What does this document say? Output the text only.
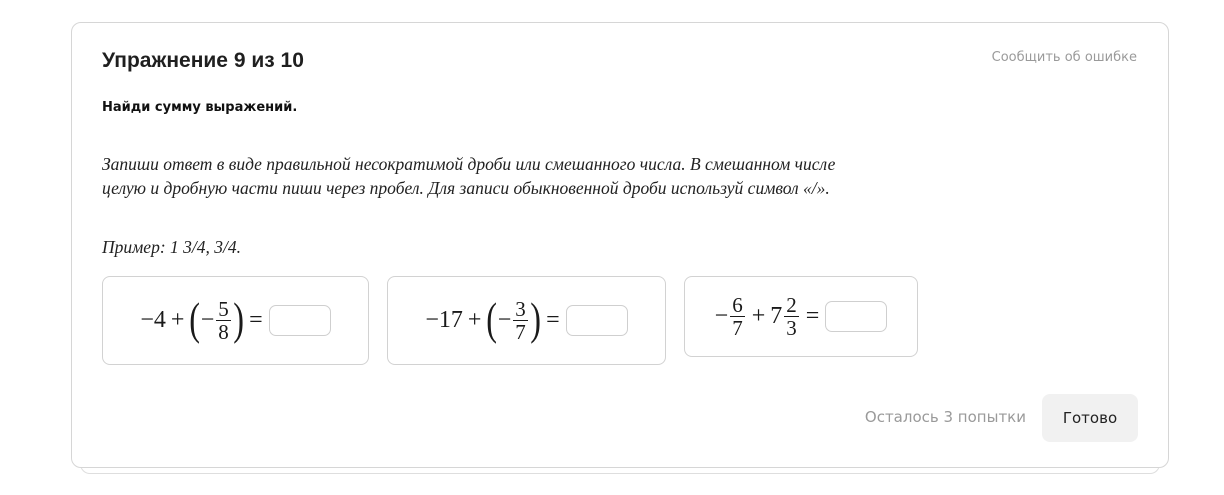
Упражнение 9 из 10	Сообщить об ошибке
Найди сумму выражений.
Запиши ответ в виде правильной несократимой дроби или смешанного числа. В смешанном числе целую и дробную части пиши через пробел. Для записи обыкновенной дроби используй символ «/».
Пример: 1 3/4, 3/4.
−4 + ( − $\frac{5}{8}$ ) =	−17 + ( − $\frac{3}{7}$ ) =	− $\frac{6}{7} + 7 \frac{2}{3}$ =
Осталось 3 попытки	Готово
